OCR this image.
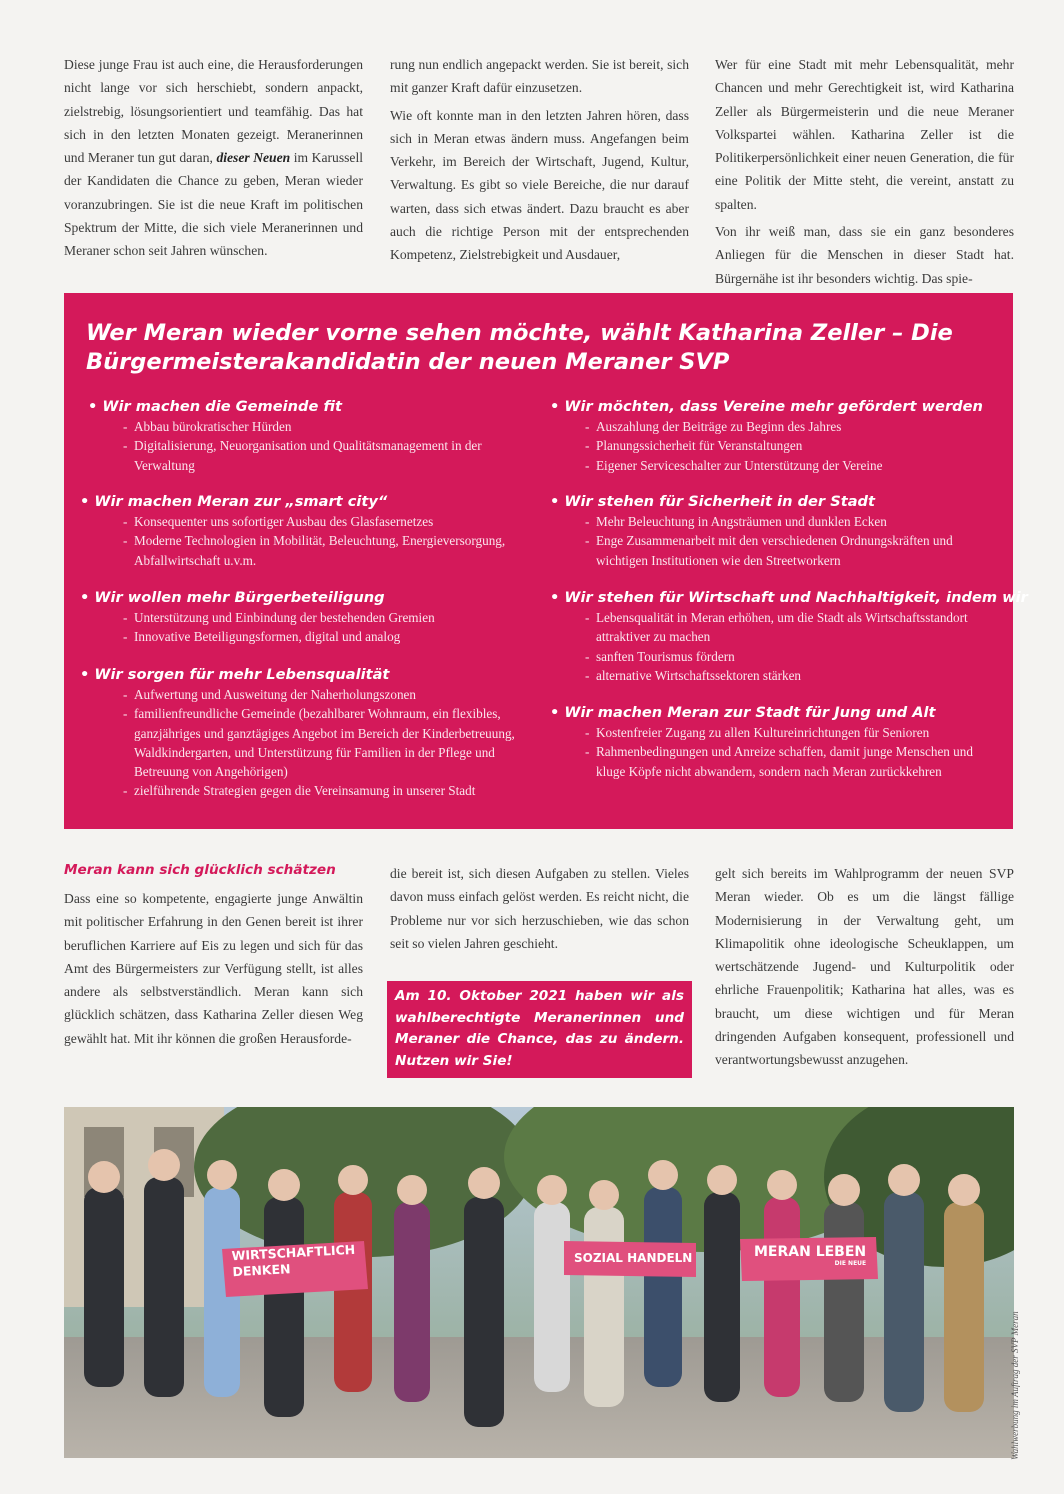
Diese junge Frau ist auch eine, die Herausforderungen nicht lange vor sich herschiebt, sondern anpackt, zielstrebig, lösungsorientiert und teamfähig. Das hat sich in den letzten Monaten gezeigt. Meranerinnen und Meraner tun gut daran, dieser Neuen im Karussell der Kandidaten die Chance zu geben, Meran wieder voranzubringen. Sie ist die neue Kraft im politischen Spektrum der Mitte, die sich viele Meranerinnen und Meraner schon seit Jahren wünschen.

rung nun endlich angepackt werden. Sie ist bereit, sich mit ganzer Kraft dafür einzusetzen.

Wie oft konnte man in den letzten Jahren hören, dass sich in Meran etwas ändern muss. Angefangen beim Verkehr, im Bereich der Wirtschaft, Jugend, Kultur, Verwaltung. Es gibt so viele Bereiche, die nur darauf warten, dass sich etwas ändert. Dazu braucht es aber auch die richtige Person mit der entsprechenden Kompetenz, Zielstrebigkeit und Ausdauer,

Wer für eine Stadt mit mehr Lebensqualität, mehr Chancen und mehr Gerechtigkeit ist, wird Katharina Zeller als Bürgermeisterin und die neue Meraner Volkspartei wählen. Katharina Zeller ist die Politikerpersönlichkeit einer neuen Generation, die für eine Politik der Mitte steht, die vereint, anstatt zu spalten.

Von ihr weiß man, dass sie ein ganz besonderes Anliegen für die Menschen in dieser Stadt hat. Bürgernähe ist ihr besonders wichtig. Das spie-

Wer Meran wieder vorne sehen möchte, wählt Katharina Zeller – Die Bürgermeisterakandidatin der neuen Meraner SVP
• Wir machen die Gemeinde fit
- Abbau bürokratischer Hürden
- Digitalisierung, Neuorganisation und Qualitätsmanagement in der Verwaltung
• Wir machen Meran zur „smart city“
- Konsequenter uns sofortiger Ausbau des Glasfasernetzes
- Moderne Technologien in Mobilität, Beleuchtung, Energieversorgung, Abfallwirtschaft u.v.m.
• Wir wollen mehr Bürgerbeteiligung
- Unterstützung und Einbindung der bestehenden Gremien
- Innovative Beteiligungsformen, digital und analog
• Wir sorgen für mehr Lebensqualität
- Aufwertung und Ausweitung der Naherholungszonen
- familienfreundliche Gemeinde (bezahlbarer Wohnraum, ein flexibles, ganzjähriges und ganztägiges Angebot im Bereich der Kinderbetreuung, Waldkindergarten, und Unterstützung für Familien in der Pflege und Betreuung von Angehörigen)
- zielführende Strategien gegen die Vereinsamung in unserer Stadt
• Wir möchten, dass Vereine mehr gefördert werden
- Auszahlung der Beiträge zu Beginn des Jahres
- Planungssicherheit für Veranstaltungen
- Eigener Serviceschalter zur Unterstützung der Vereine
• Wir stehen für Sicherheit in der Stadt
- Mehr Beleuchtung in Angsträumen und dunklen Ecken
- Enge Zusammenarbeit mit den verschiedenen Ordnungskräften und wichtigen Institutionen wie den Streetworkern
• Wir stehen für Wirtschaft und Nachhaltigkeit, indem wir
- Lebensqualität in Meran erhöhen, um die Stadt als Wirtschaftsstandort attraktiver zu machen
- sanften Tourismus fördern
- alternative Wirtschaftssektoren stärken
• Wir machen Meran zur Stadt für Jung und Alt
- Kostenfreier Zugang zu allen Kultureinrichtungen für Senioren
- Rahmenbedingungen und Anreize schaffen, damit junge Menschen und kluge Köpfe nicht abwandern, sondern nach Meran zurückkehren
Meran kann sich glücklich schätzen

Dass eine so kompetente, engagierte junge Anwältin mit politischer Erfahrung in den Genen bereit ist ihrer beruflichen Karriere auf Eis zu legen und sich für das Amt des Bürgermeisters zur Verfügung stellt, ist alles andere als selbstverständlich. Meran kann sich glücklich schätzen, dass Katharina Zeller diesen Weg gewählt hat. Mit ihr können die großen Herausforde-

die bereit ist, sich diesen Aufgaben zu stellen. Vieles davon muss einfach gelöst werden. Es reicht nicht, die Probleme nur vor sich herzuschieben, wie das schon seit so vielen Jahren geschieht.

Am 10. Oktober 2021 haben wir als wahlberechtigte Meranerinnen und Meraner die Chance, das zu ändern. Nutzen wir Sie!

gelt sich bereits im Wahlprogramm der neuen SVP Meran wieder. Ob es um die längst fällige Modernisierung in der Verwaltung geht, um Klimapolitik ohne ideologische Scheuklappen, um wertschätzende Jugend- und Kulturpolitik oder ehrliche Frauenpolitik; Katharina hat alles, was es braucht, um diese wichtigen und für Meran dringenden Aufgaben konsequent, professionell und verantwortungsbewusst anzugehen.

WIRTSCHAFTLICH
DENKEN
SOZIAL HANDELN	MERAN LEBEN
DIE NEUE
Wahlwerbung im Auftrag der SVP Meran
